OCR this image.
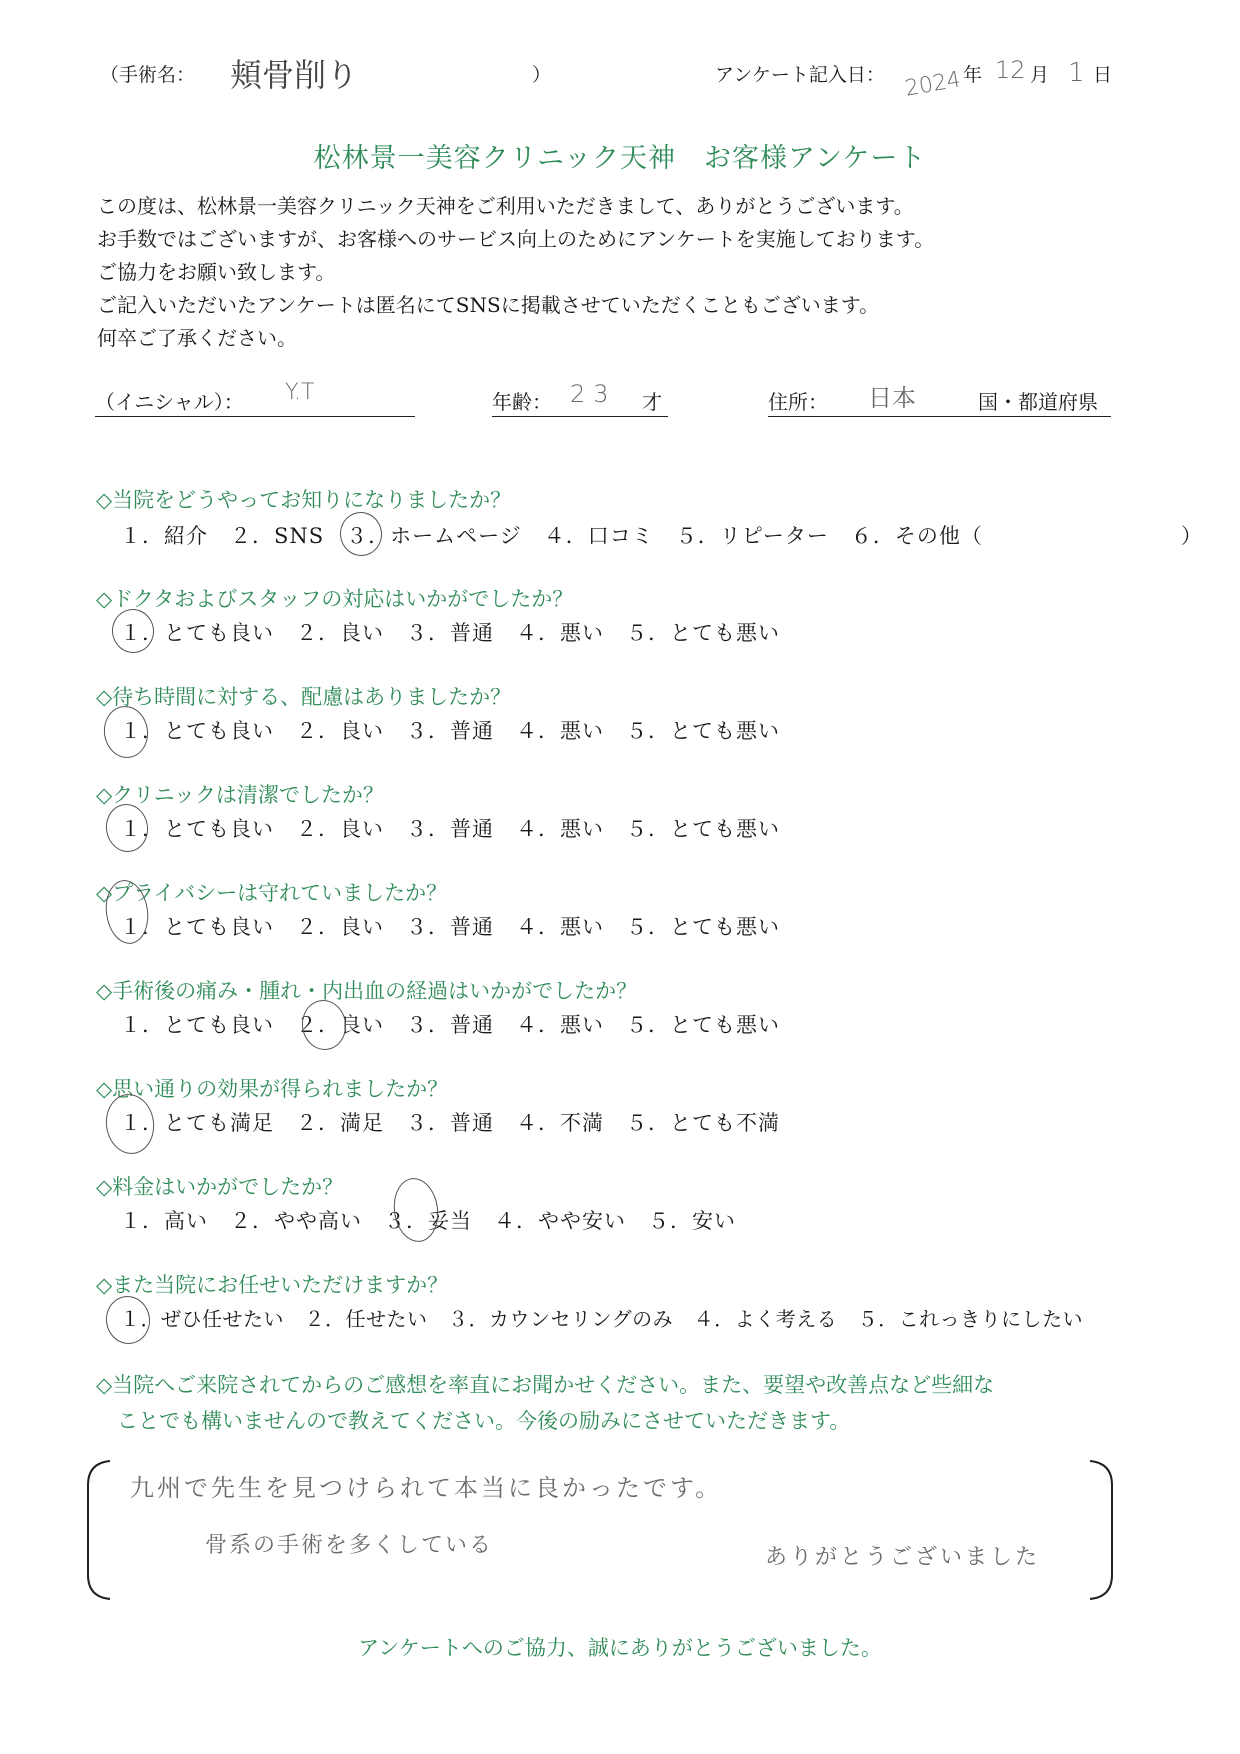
（手術名： 頬骨削り	）	アンケート記入日： 2024 年 12 月 1 日
松林景一美容クリニック天神　お客様アンケート
この度は、松林景一美容クリニック天神をご利用いただきまして、ありがとうございます。
お手数ではございますが、お客様へのサービス向上のためにアンケートを実施しております。
ご協力をお願い致します。
ご記入いただいたアンケートは匿名にてSNSに掲載させていただくこともございます。
何卒ご了承ください。
（イニシャル）： Y.T	年齢： 23 才	住所： 日本	国・都道府県
◇当院をどうやってお知りになりましたか？
１．紹介　２．SNS　３．ホームページ　４．口コミ　５．リピーター　６．その他（　　　　　　　　　）
◇ドクタおよびスタッフの対応はいかがでしたか？
１．とても良い　２．良い　３．普通　４．悪い　５．とても悪い
◇待ち時間に対する、配慮はありましたか？
１．とても良い　２．良い　３．普通　４．悪い　５．とても悪い
◇クリニックは清潔でしたか？
１．とても良い　２．良い　３．普通　４．悪い　５．とても悪い
◇プライバシーは守れていましたか？
１．とても良い　２．良い　３．普通　４．悪い　５．とても悪い
◇手術後の痛み・腫れ・内出血の経過はいかがでしたか？
１．とても良い　２．良い　３．普通　４．悪い　５．とても悪い
◇思い通りの効果が得られましたか？
１．とても満足　２．満足　３．普通　４．不満　５．とても不満
◇料金はいかがでしたか？
１．高い　２．やや高い　３．妥当　４．やや安い　５．安い
◇また当院にお任せいただけますか？
１．ぜひ任せたい　２．任せたい　３．カウンセリングのみ　４．よく考える　５．これっきりにしたい
◇当院へご来院されてからのご感想を率直にお聞かせください。また、要望や改善点など些細な
ことでも構いませんので教えてください。今後の励みにさせていただきます。
九州で先生を見つけられて本当に良かったです。
骨系の手術を多くしている	ありがとうございました
アンケートへのご協力、誠にありがとうございました。
